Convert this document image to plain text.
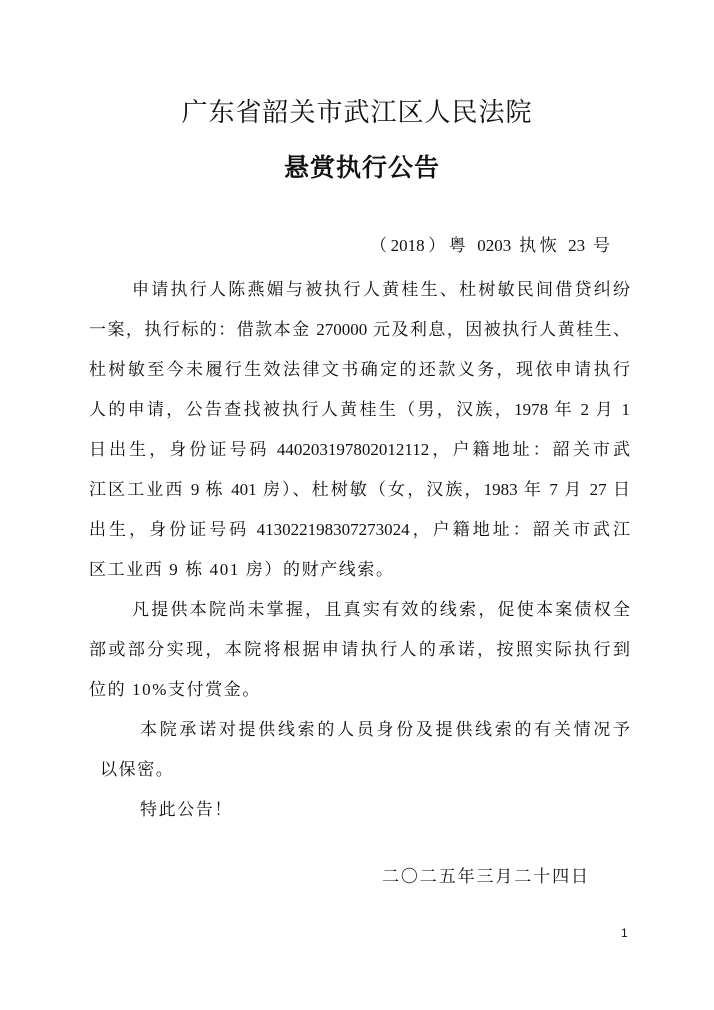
广东省韶关市武江区人民法院
悬赏执行公告
（2018）粤 0203 执恢 23 号
申请执行人陈燕媚与被执行人黄桂生、杜树敏民间借贷纠纷
一案，执行标的：借款本金 270000 元及利息，因被执行人黄桂生、
杜树敏至今未履行生效法律文书确定的还款义务，现依申请执行
人的申请，公告查找被执行人黄桂生（男，汉族，1978 年 2 月 1
日出生，身份证号码 440203197802012112，户籍地址：韶关市武
江区工业西 9 栋 401 房）、杜树敏（女，汉族，1983 年 7 月 27 日
出生，身份证号码 413022198307273024，户籍地址：韶关市武江
区工业西 9 栋 401 房）的财产线索。
凡提供本院尚未掌握，且真实有效的线索，促使本案债权全
部或部分实现，本院将根据申请执行人的承诺，按照实际执行到
位的 10%支付赏金。
本院承诺对提供线索的人员身份及提供线索的有关情况予
以保密。
特此公告！
二〇二五年三月二十四日
1
